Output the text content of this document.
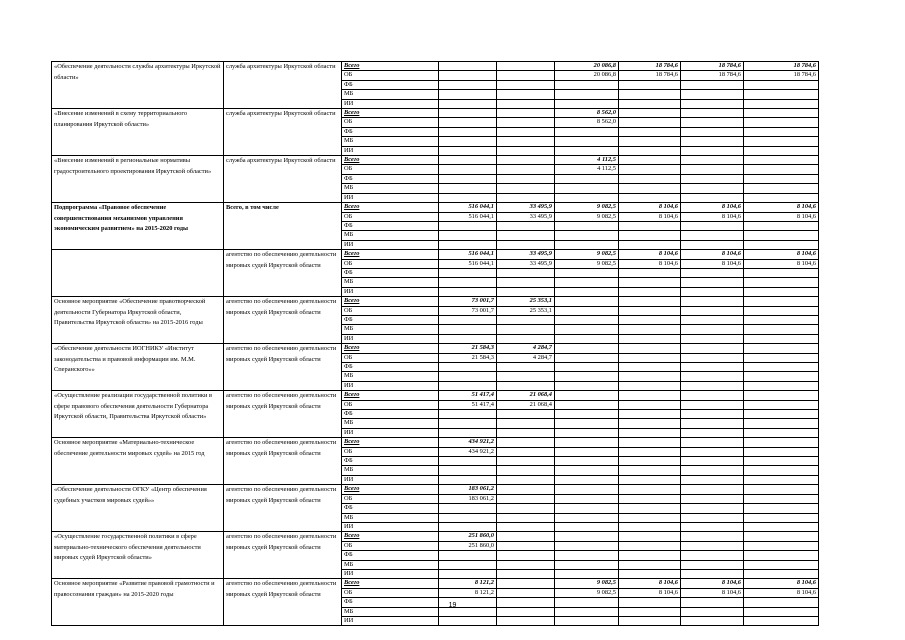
«Обеспечение деятельности службы архитектуры Иркутской области»	служба архитектуры Иркутской области	Всего			20 086,8	18 784,6	18 784,6	18 784,6
		ОБ			20 086,8	18 784,6	18 784,6	18 784,6
		ФБ						
		МБ						
		ИИ						
«Внесение изменений в схему территориального планирования Иркутской области»	служба архитектуры Иркутской области	Всего			8 562,0			
		ОБ			8 562,0			
		ФБ						
		МБ						
		ИИ						
«Внесение изменений в региональные нормативы градостроительного проектирования Иркутской области»	служба архитектуры Иркутской области	Всего			4 112,5			
		ОБ			4 112,5			
		ФБ						
		МБ						
		ИИ						
Подпрограмма «Правовое обеспечение совершенствования механизмов управления экономическим развитием» на 2015-2020 годы	Всего, в том числе	Всего	516 044,1	33 495,9	9 082,5	8 104,6	8 104,6	8 104,6
		ОБ	516 044,1	33 495,9	9 082,5	8 104,6	8 104,6	8 104,6
		ФБ						
		МБ						
		ИИ						
	агентство по обеспечению деятельности мировых судей Иркутской области	Всего	516 044,1	33 495,9	9 082,5	8 104,6	8 104,6	8 104,6
		ОБ	516 044,1	33 495,9	9 082,5	8 104,6	8 104,6	8 104,6
		ФБ						
		МБ						
		ИИ						
Основное мероприятие «Обеспечение правотворческой деятельности Губернатора Иркутской области, Правительства Иркутской области» на 2015-2016 годы	агентство по обеспечению деятельности мировых судей Иркутской области	Всего	73 001,7	25 353,1				
		ОБ	73 001,7	25 353,1				
		ФБ						
		МБ						
		ИИ						
«Обеспечение деятельности ИОГНИКУ «Институт законодательства и правовой информации им. М.М. Сперанского»»	агентство по обеспечению деятельности мировых судей Иркутской области	Всего	21 584,3	4 284,7				
		ОБ	21 584,3	4 284,7				
		ФБ						
		МБ						
		ИИ						
«Осуществление реализации государственной политики в сфере правового обеспечения деятельности Губернатора Иркутской области, Правительства Иркутской области»	агентство по обеспечению деятельности мировых судей Иркутской области	Всего	51 417,4	21 068,4				
		ОБ	51 417,4	21 068,4				
		ФБ						
		МБ						
		ИИ						
Основное мероприятие «Материально-техническое обеспечение деятельности мировых судей» на 2015 год	агентство по обеспечению деятельности мировых судей Иркутской области	Всего	434 921,2					
		ОБ	434 921,2					
		ФБ						
		МБ						
		ИИ						
«Обеспечение деятельности ОГКУ «Центр обеспечения судебных участков мировых судей»»	агентство по обеспечению деятельности мировых судей Иркутской области	Всего	183 061,2					
		ОБ	183 061,2					
		ФБ						
		МБ						
		ИИ						
«Осуществление государственной политики в сфере материально-технического обеспечения деятельности мировых судей Иркутской области»	агентство по обеспечению деятельности мировых судей Иркутской области	Всего	251 860,0					
		ОБ	251 860,0					
		ФБ						
		МБ						
		ИИ						
Основное мероприятие «Развитие правовой грамотности и правосознания граждан» на 2015-2020 годы	агентство по обеспечению деятельности мировых судей Иркутской области	Всего	8 121,2		9 082,5	8 104,6	8 104,6	8 104,6
		ОБ	8 121,2		9 082,5	8 104,6	8 104,6	8 104,6
		ФБ						
		МБ						
		ИИ						
19
